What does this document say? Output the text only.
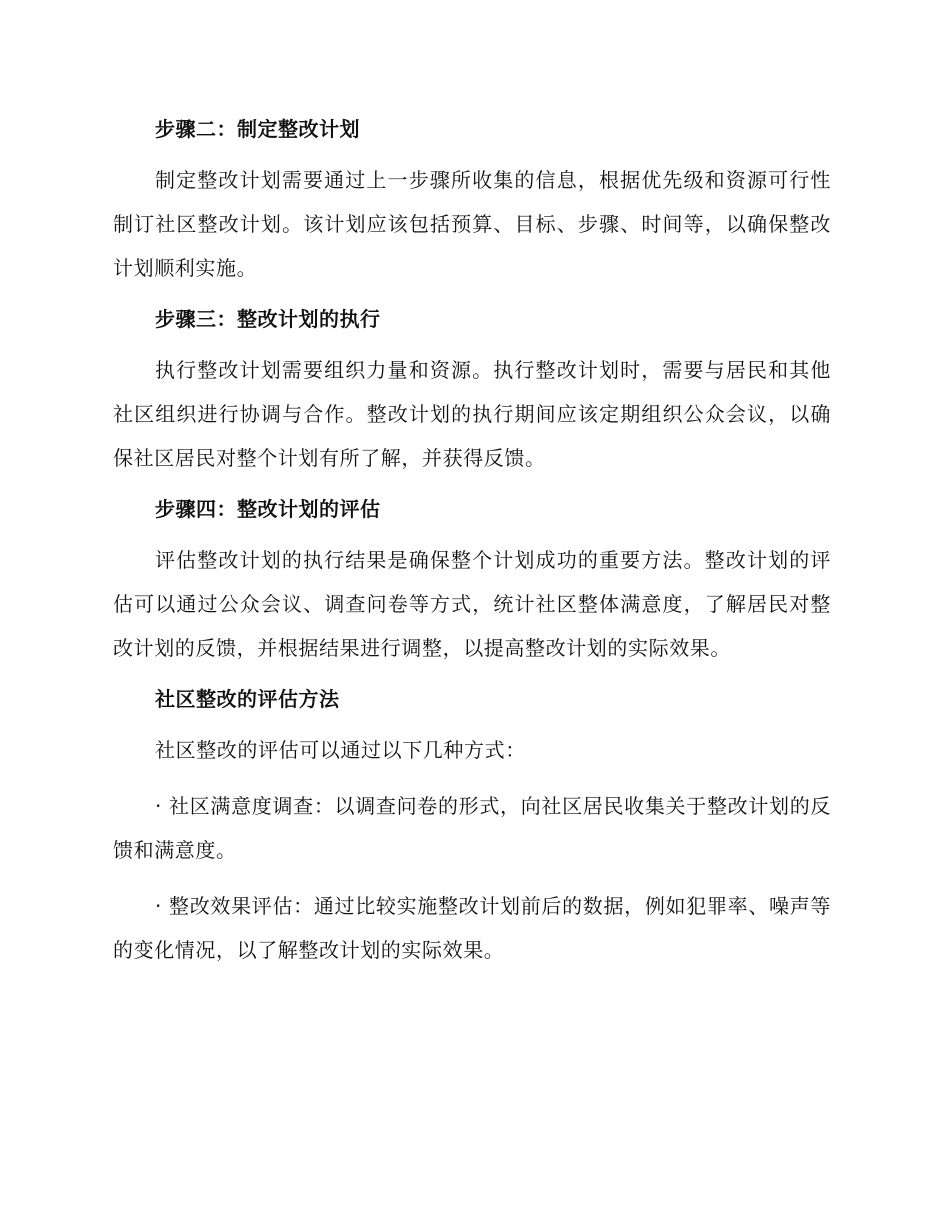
步骤二：制定整改计划
制定整改计划需要通过上一步骤所收集的信息，根据优先级和资源可行性制订社区整改计划。该计划应该包括预算、目标、步骤、时间等，以确保整改计划顺利实施。
步骤三：整改计划的执行
执行整改计划需要组织力量和资源。执行整改计划时，需要与居民和其他社区组织进行协调与合作。整改计划的执行期间应该定期组织公众会议，以确保社区居民对整个计划有所了解，并获得反馈。
步骤四：整改计划的评估
评估整改计划的执行结果是确保整个计划成功的重要方法。整改计划的评估可以通过公众会议、调查问卷等方式，统计社区整体满意度，了解居民对整改计划的反馈，并根据结果进行调整，以提高整改计划的实际效果。
社区整改的评估方法
社区整改的评估可以通过以下几种方式：
· 社区满意度调查：以调查问卷的形式，向社区居民收集关于整改计划的反馈和满意度。
· 整改效果评估：通过比较实施整改计划前后的数据，例如犯罪率、噪声等的变化情况，以了解整改计划的实际效果。
